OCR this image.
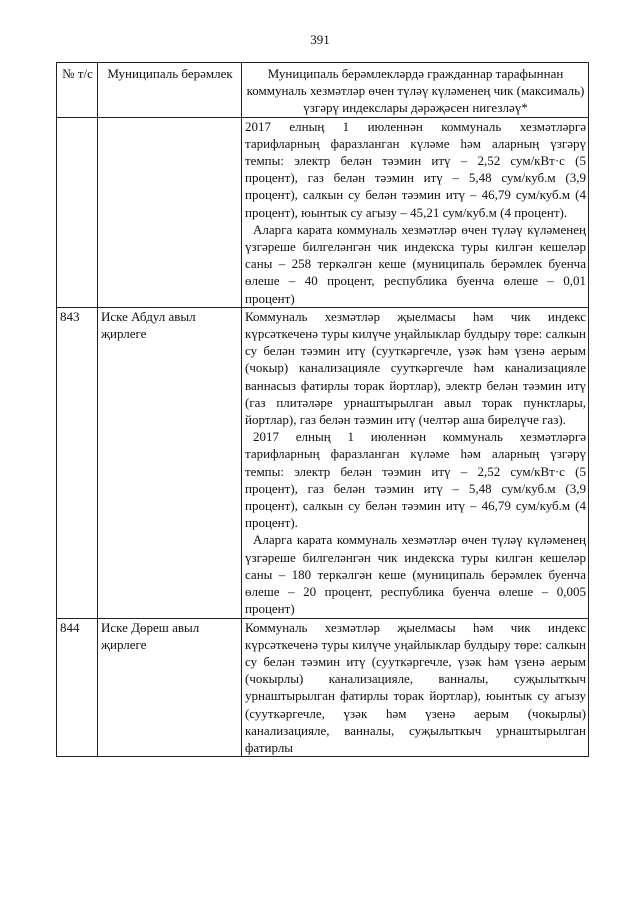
391
№ т/с	Муниципаль берәмлек	Муниципаль берәмлекләрдә гражданнар тарафыннан коммуналь хезмәтләр өчен түләү күләменең чик (максималь) үзгәрү индекслары дәрәҗәсен нигезләү*

		2017 елның 1 июленнән коммуналь хезмәтләргә тарифларның фаразланган күләме һәм аларның үзгәрү темпы: электр белән тәэмин итү – 2,52 сум/кВт·с (5 процент), газ белән тәэмин итү – 5,48 сум/куб.м (3,9 процент), салкын су белән тәэмин итү – 46,79 сум/куб.м (4 процент), юынтык су агызу – 45,21 сум/куб.м (4 процент).
Аларга карата коммуналь хезмәтләр өчен түләү күләменең үзгәреше билгеләнгән чик индекска туры килгән кешеләр саны – 258 теркәлгән кеше (муниципаль берәмлек буенча өлеше – 40 процент, республика буенча өлеше – 0,01 процент)

843	Иске Абдул авыл җирлеге	Коммуналь хезмәтләр җыелмасы һәм чик индекс күрсәткеченә туры килүче уңайлыклар булдыру төре: салкын су белән тәэмин итү (сууткәргечле, үзәк һәм үзенә аерым (чокыр) канализацияле сууткәргечле һәм канализацияле ваннасыз фатирлы торак йортлар), электр белән тәэмин итү (газ плитәләре урнаштырылган авыл торак пунктлары, йортлар), газ белән тәэмин итү (челтәр аша бирелүче газ).
2017 елның 1 июленнән коммуналь хезмәтләргә тарифларның фаразланган күләме һәм аларның үзгәрү темпы: электр белән тәэмин итү – 2,52 сум/кВт·с (5 процент), газ белән тәэмин итү – 5,48 сум/куб.м (3,9 процент), салкын су белән тәэмин итү – 46,79 сум/куб.м (4 процент).
Аларга карата коммуналь хезмәтләр өчен түләү күләменең үзгәреше билгеләнгән чик индекска туры килгән кешеләр саны – 180 теркәлгән кеше (муниципаль берәмлек буенча өлеше – 20 процент, республика буенча өлеше – 0,005 процент)

844	Иске Дөреш авыл җирлеге	Коммуналь хезмәтләр җыелмасы һәм чик индекс күрсәткеченә туры килүче уңайлыклар булдыру төре: салкын су белән тәэмин итү (сууткәргечле, үзәк һәм үзенә аерым (чокырлы) канализацияле, ванналы, суҗылыткыч урнаштырылган фатирлы торак йортлар), юынтык су агызу (сууткәргечле, үзәк һәм үзенә аерым (чокырлы) канализацияле, ванналы, суҗылыткыч урнаштырылган фатирлы
